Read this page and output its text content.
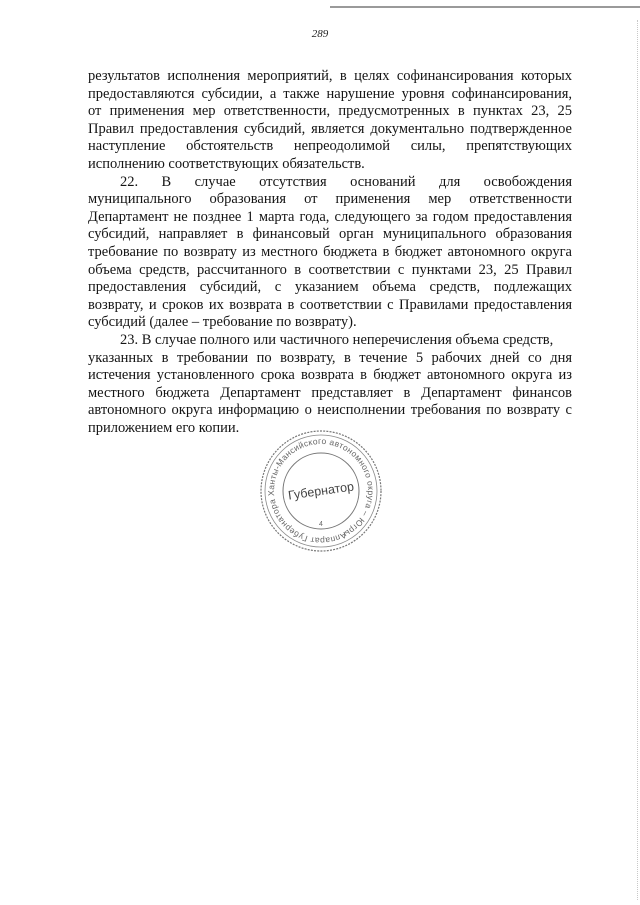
289
результатов исполнения мероприятий, в целях софинансирования которых
предоставляются субсидии, а также нарушение уровня софинансирования,
от применения мер ответственности, предусмотренных в пунктах 23, 25
Правил предоставления субсидий, является документально подтвержденное
наступление обстоятельств непреодолимой силы, препятствующих
исполнению соответствующих обязательств.
22. В случае отсутствия оснований для освобождения
муниципального образования от применения мер ответственности
Департамент не позднее 1 марта года, следующего за годом предоставления
субсидий, направляет в финансовый орган муниципального образования
требование по возврату из местного бюджета в бюджет автономного округа
объема средств, рассчитанного в соответствии с пунктами 23, 25 Правил
предоставления субсидий, с указанием объема средств, подлежащих
возврату, и сроков их возврата в соответствии с Правилами предоставления
субсидий (далее – требование по возврату).
23. В случае полного или частичного неперечисления объема средств,
указанных в требовании по возврату, в течение 5 рабочих дней со дня
истечения установленного срока возврата в бюджет автономного округа из
местного бюджета Департамент представляет в Департамент финансов
автономного округа информацию о неисполнении требования по возврату с
приложением его копии.
Аппарат Губернатора Ханты-Мансийского автономного округа – Югры
Губернатор
4
